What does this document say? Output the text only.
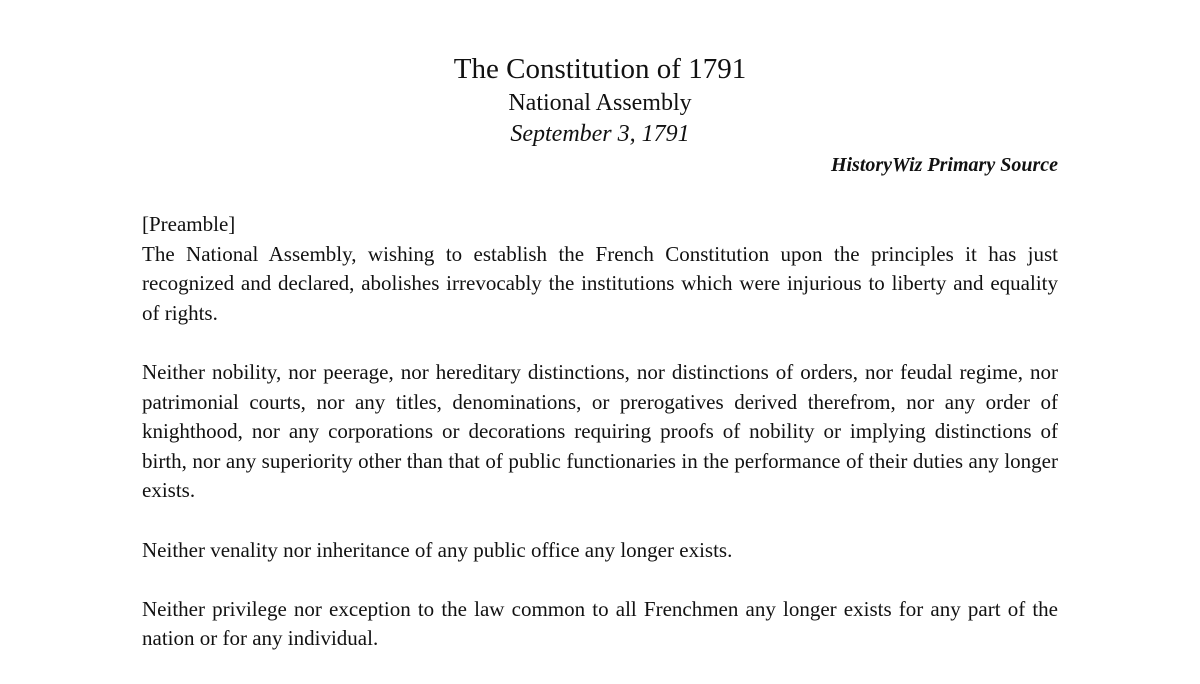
The Constitution of 1791
National Assembly
September 3, 1791
HistoryWiz Primary Source

[Preamble]
The National Assembly, wishing to establish the French Constitution upon the principles it has just recognized and declared, abolishes irrevocably the institutions which were injurious to liberty and equality of rights.

Neither nobility, nor peerage, nor hereditary distinctions, nor distinctions of orders, nor feudal regime, nor patrimonial courts, nor any titles, denominations, or prerogatives derived therefrom, nor any order of knighthood, nor any corporations or decorations requiring proofs of nobility or implying distinctions of birth, nor any superiority other than that of public functionaries in the performance of their duties any longer exists.

Neither venality nor inheritance of any public office any longer exists.

Neither privilege nor exception to the law common to all Frenchmen any longer exists for any part of the nation or for any individual.
